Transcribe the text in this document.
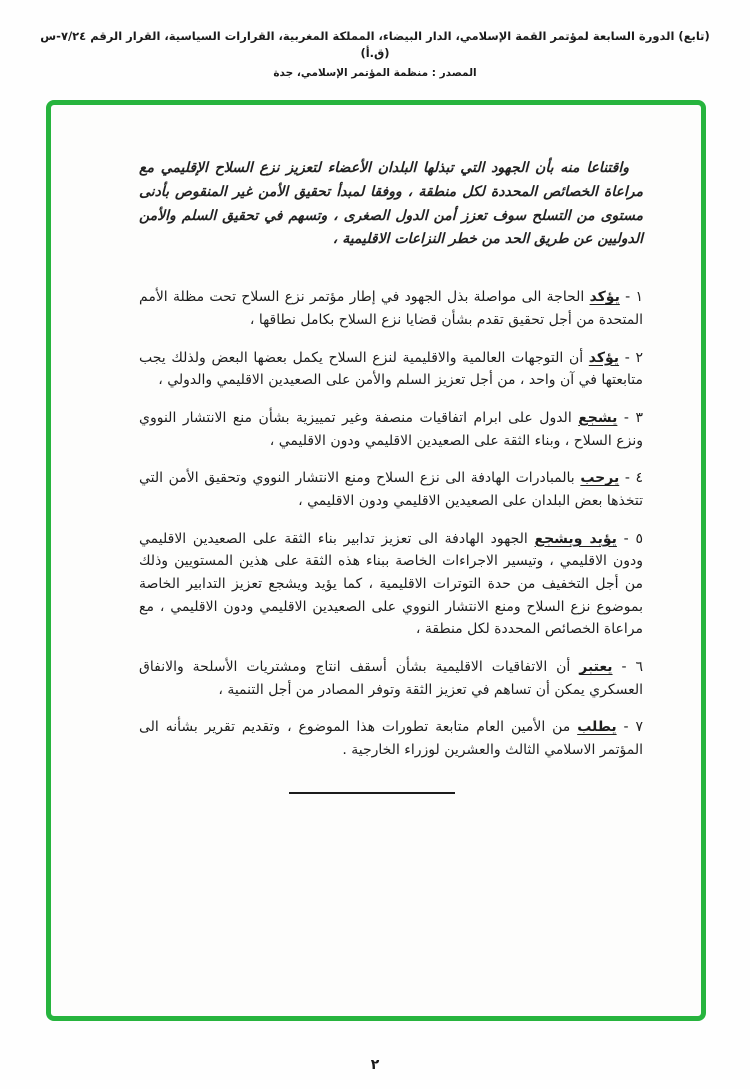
(تابع) الدورة السابعة لمؤتمر القمة الإسلامي، الدار البيضاء، المملكة المغربية، القرارات السياسية، القرار الرقم ٧/٢٤-س (ق.أ)
المصدر : منظمة المؤتمر الإسلامي، جدة

واقتناعا منه بأن الجهود التي تبذلها البلدان الأعضاء لتعزيز نزع السلاح الإقليمي مع مراعاة الخصائص المحددة لكل منطقة ، ووفقا لمبدأ تحقيق الأمن غير المنقوص بأدنى مستوى من التسلح سوف تعزز أمن الدول الصغرى ، وتسهم في تحقيق السلم والأمن الدوليين عن طريق الحد من خطر النزاعات الاقليمية ،

١ - يؤكد الحاجة الى مواصلة بذل الجهود في إطار مؤتمر نزع السلاح تحت مظلة الأمم المتحدة من أجل تحقيق تقدم بشأن قضايا نزع السلاح بكامل نطاقها ،
٢ - يؤكد أن التوجهات العالمية والاقليمية لنزع السلاح يكمل بعضها البعض ولذلك يجب متابعتها في آن واحد ، من أجل تعزيز السلم والأمن على الصعيدين الاقليمي والدولي ،
٣ - يشجع الدول على ابرام اتفاقيات منصفة وغير تمييزية بشأن منع الانتشار النووي ونزع السلاح ، وبناء الثقة على الصعيدين الاقليمي ودون الاقليمي ،
٤ - يرحب بالمبادرات الهادفة الى نزع السلاح ومنع الانتشار النووي وتحقيق الأمن التي تتخذها بعض البلدان على الصعيدين الاقليمي ودون الاقليمي ،
٥ - يؤيد ويشجع الجهود الهادفة الى تعزيز تدابير بناء الثقة على الصعيدين الاقليمي ودون الاقليمي ، وتيسير الاجراءات الخاصة ببناء هذه الثقة على هذين المستويين وذلك من أجل التخفيف من حدة التوترات الاقليمية ، كما يؤيد ويشجع تعزيز التدابير الخاصة بموضوع نزع السلاح ومنع الانتشار النووي على الصعيدين الاقليمي ودون الاقليمي ، مع مراعاة الخصائص المحددة لكل منطقة ،
٦ - يعتبر أن الاتفاقيات الاقليمية بشأن أسقف انتاج ومشتريات الأسلحة والانفاق العسكري يمكن أن تساهم في تعزيز الثقة وتوفر المصادر من أجل التنمية ،
٧ - يطلب من الأمين العام متابعة تطورات هذا الموضوع ، وتقديم تقرير بشأنه الى المؤتمر الاسلامي الثالث والعشرين لوزراء الخارجية .
٢
